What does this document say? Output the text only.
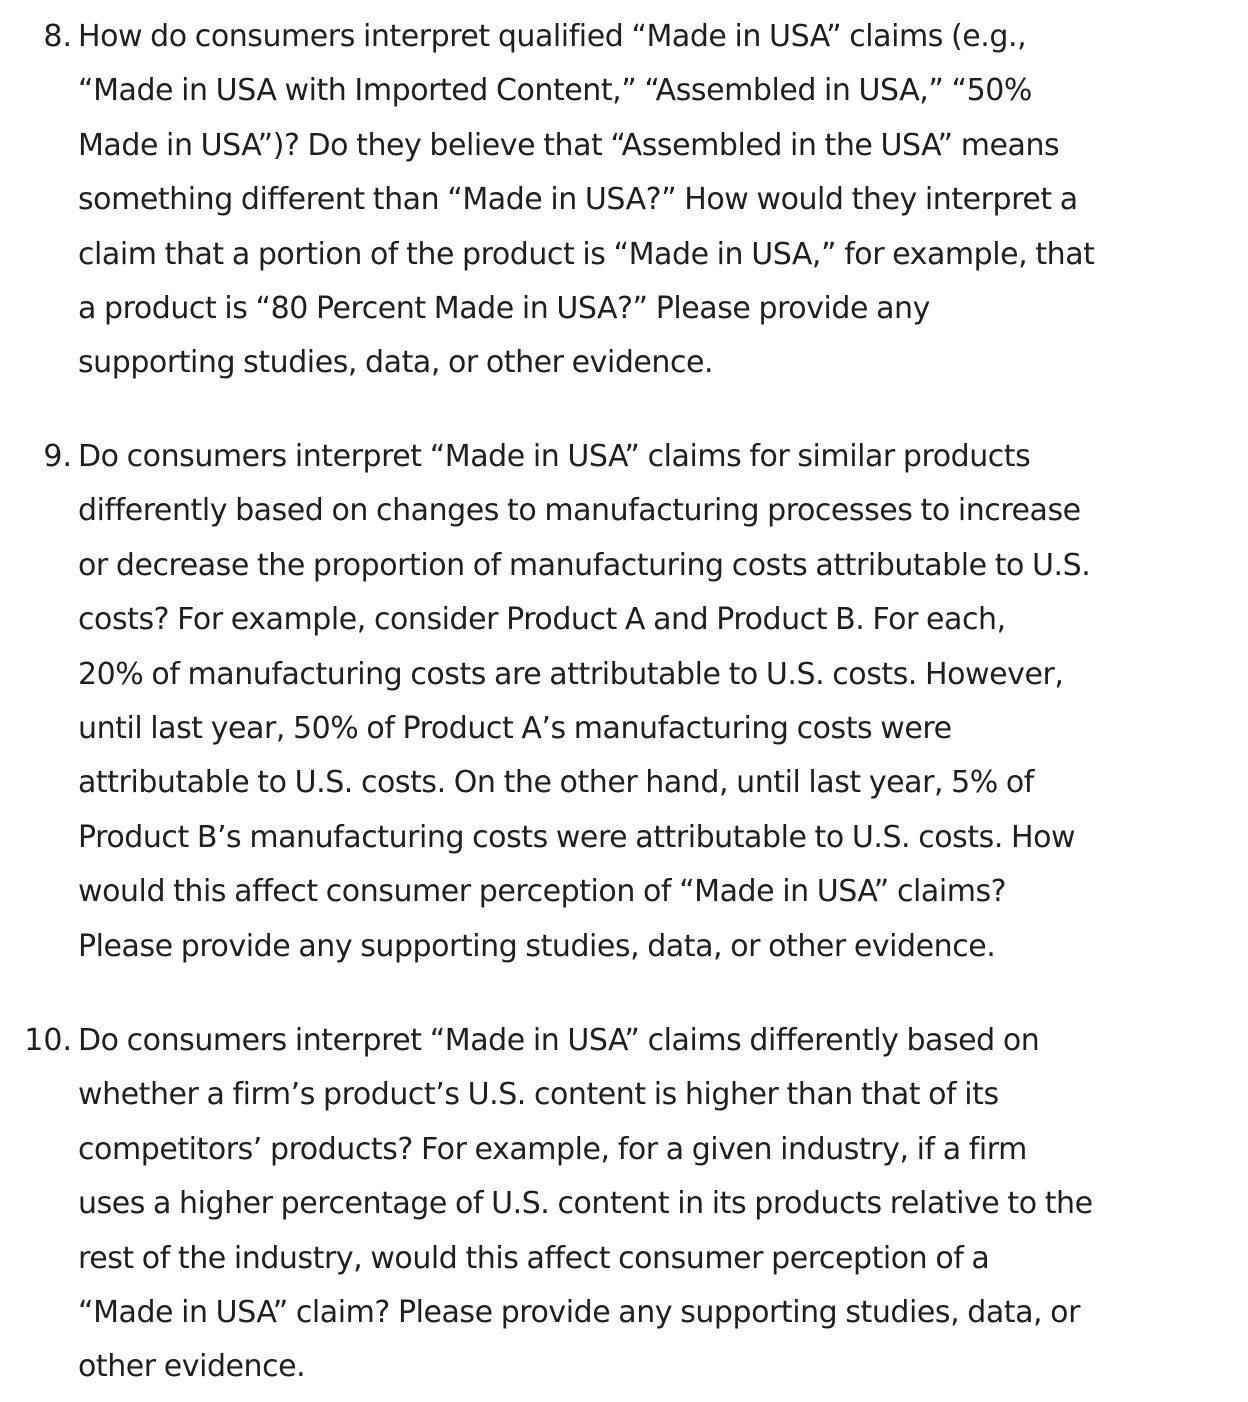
8. How do consumers interpret qualified “Made in USA” claims (e.g.,
“Made in USA with Imported Content,” “Assembled in USA,” “50%
Made in USA”)? Do they believe that “Assembled in the USA” means
something different than “Made in USA?” How would they interpret a
claim that a portion of the product is “Made in USA,” for example, that
a product is “80 Percent Made in USA?” Please provide any
supporting studies, data, or other evidence.
9. Do consumers interpret “Made in USA” claims for similar products
differently based on changes to manufacturing processes to increase
or decrease the proportion of manufacturing costs attributable to U.S.
costs? For example, consider Product A and Product B. For each,
20% of manufacturing costs are attributable to U.S. costs. However,
until last year, 50% of Product A’s manufacturing costs were
attributable to U.S. costs. On the other hand, until last year, 5% of
Product B’s manufacturing costs were attributable to U.S. costs. How
would this affect consumer perception of “Made in USA” claims?
Please provide any supporting studies, data, or other evidence.
10. Do consumers interpret “Made in USA” claims differently based on
whether a firm’s product’s U.S. content is higher than that of its
competitors’ products? For example, for a given industry, if a firm
uses a higher percentage of U.S. content in its products relative to the
rest of the industry, would this affect consumer perception of a
“Made in USA” claim? Please provide any supporting studies, data, or
other evidence.
